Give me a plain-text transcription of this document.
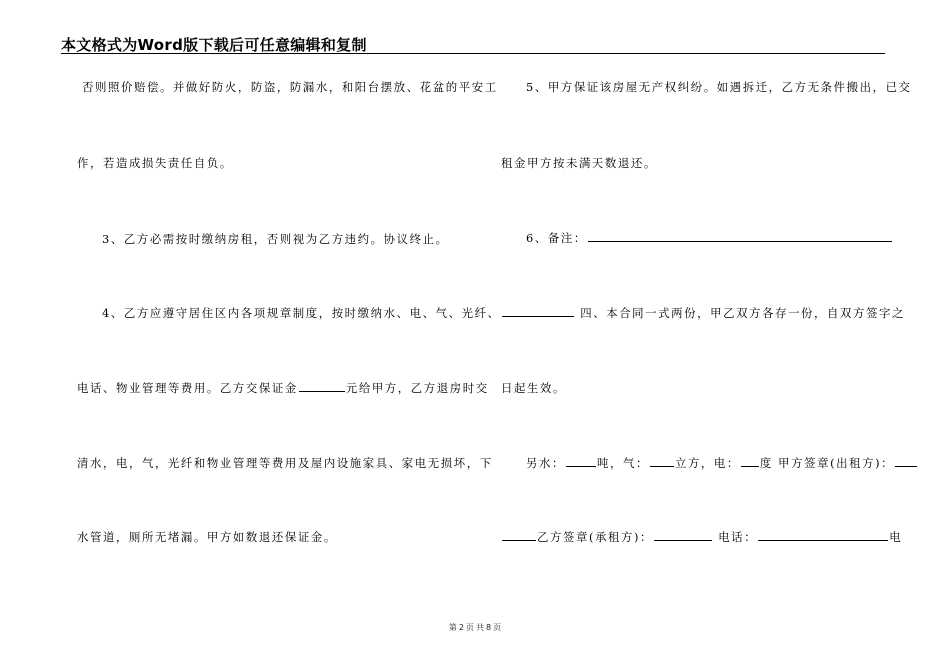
本文格式为Word版下载后可任意编辑和复制
否则照价赔偿。并做好防火，防盗，防漏水，和阳台摆放、花盆的平安工
作，若造成损失责任自负。
3、乙方必需按时缴纳房租，否则视为乙方违约。协议终止。
4、乙方应遵守居住区内各项规章制度，按时缴纳水、电、气、光纤、
电话、物业管理等费用。乙方交保证金	元给甲方，乙方退房时交
清水，电，气，光纤和物业管理等费用及屋内设施家具、家电无损坏，下
水管道，厕所无堵漏。甲方如数退还保证金。
5、甲方保证该房屋无产权纠纷。如遇拆迁，乙方无条件搬出，已交
租金甲方按未满天数退还。
6、备注：
四、本合同一式两份，甲乙双方各存一份，自双方签字之
日起生效。
另水：	吨，气： 立方，电： 度 甲方签章(出租方)：
乙方签章(承租方)：	电话：	电
第 2 页 共 8 页
